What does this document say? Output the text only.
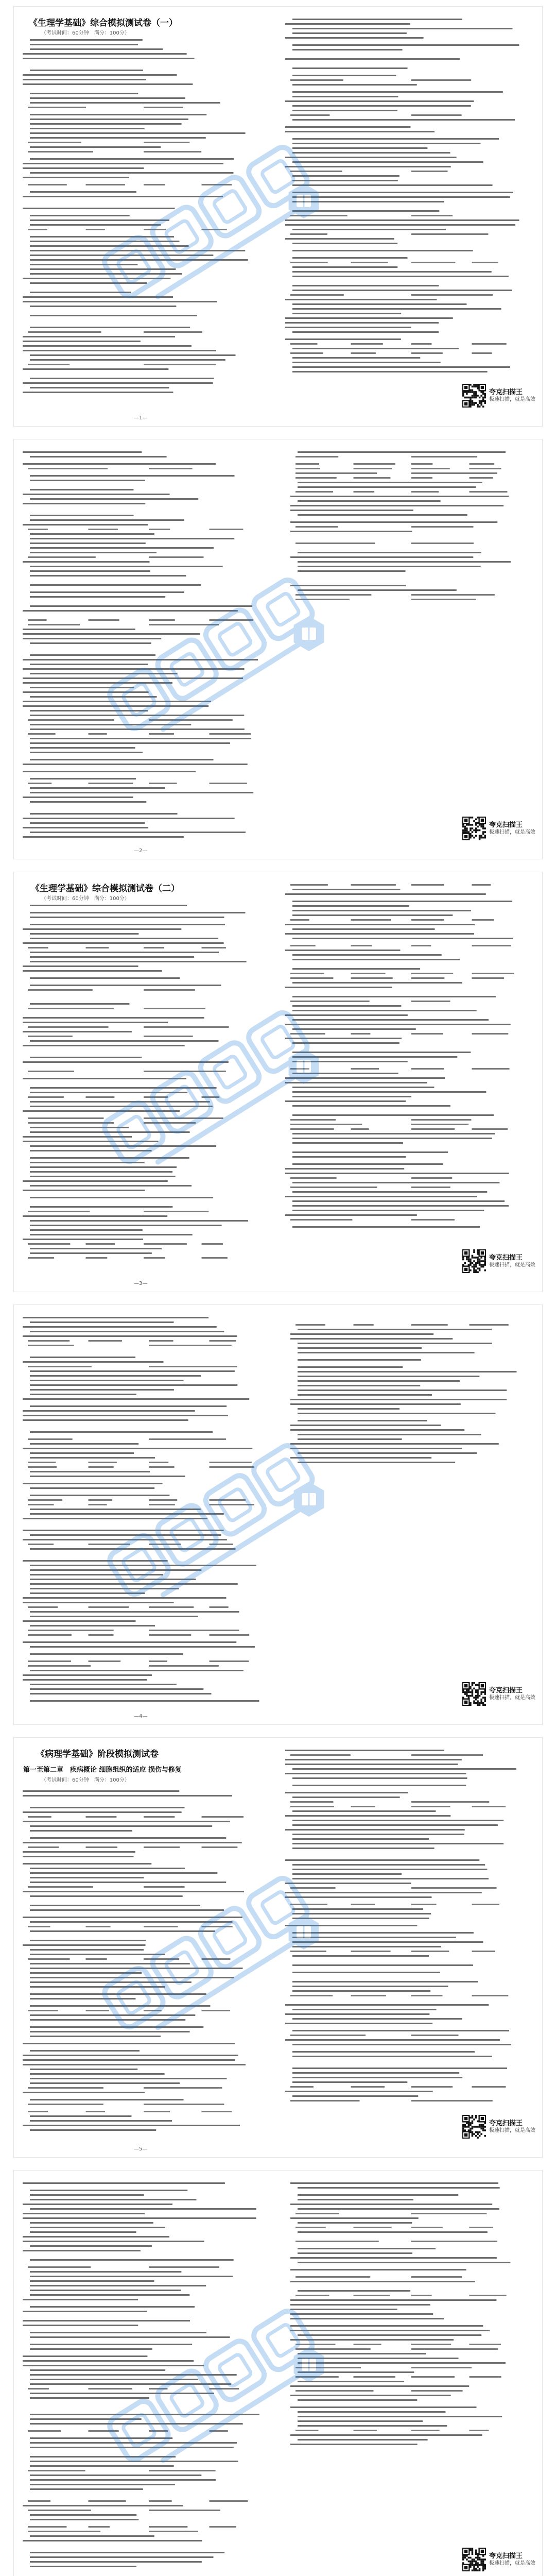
《生理学基础》综合模拟测试卷（一）
（考试时间：60分钟　满分：100分）
夸克扫描王
极速扫描，就是高效
—1—
夸克扫描王
极速扫描，就是高效
—2—
《生理学基础》综合模拟测试卷（二）
（考试时间：60分钟　满分：100分）
夸克扫描王
极速扫描，就是高效
—3—
夸克扫描王
极速扫描，就是高效
—4—
《病理学基础》阶段模拟测试卷
第一至第二章　疾病概论 细胞组织的适应 损伤与修复
（考试时间：60分钟　满分：100分）
夸克扫描王
极速扫描，就是高效
—5—
夸克扫描王
极速扫描，就是高效
